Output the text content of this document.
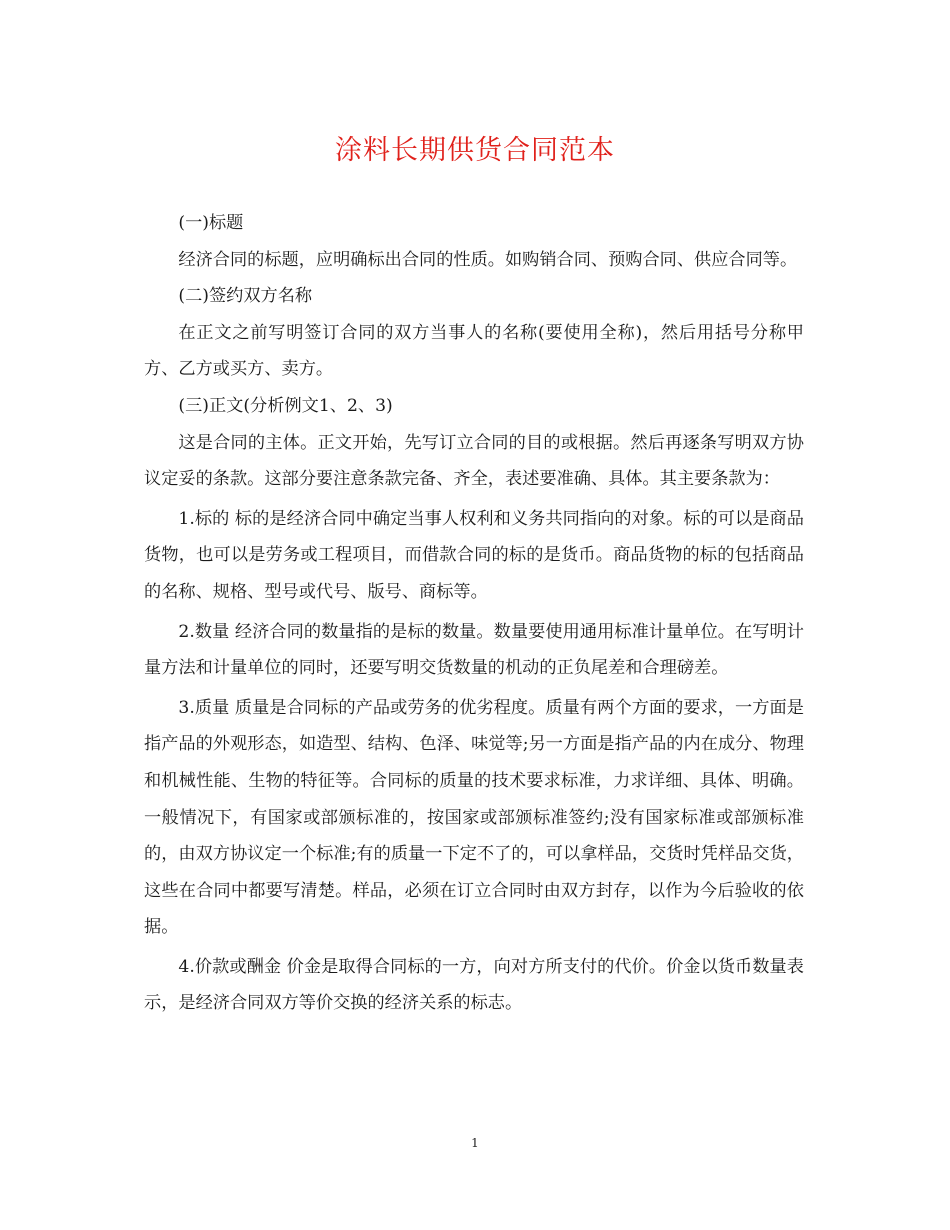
涂料长期供货合同范本

(一)标题

经济合同的标题，应明确标出合同的性质。如购销合同、预购合同、供应合同等。

(二)签约双方名称

在正文之前写明签订合同的双方当事人的名称(要使用全称)，然后用括号分称甲方、乙方或买方、卖方。

(三)正文(分析例文1、2、3)

这是合同的主体。正文开始，先写订立合同的目的或根据。然后再逐条写明双方协议定妥的条款。这部分要注意条款完备、齐全，表述要准确、具体。其主要条款为：

1.标的 标的是经济合同中确定当事人权利和义务共同指向的对象。标的可以是商品货物，也可以是劳务或工程项目，而借款合同的标的是货币。商品货物的标的包括商品的名称、规格、型号或代号、版号、商标等。

2.数量 经济合同的数量指的是标的数量。数量要使用通用标准计量单位。在写明计量方法和计量单位的同时，还要写明交货数量的机动的正负尾差和合理磅差。

3.质量 质量是合同标的产品或劳务的优劣程度。质量有两个方面的要求，一方面是指产品的外观形态，如造型、结构、色泽、味觉等;另一方面是指产品的内在成分、物理和机械性能、生物的特征等。合同标的质量的技术要求标准，力求详细、具体、明确。一般情况下，有国家或部颁标准的，按国家或部颁标准签约;没有国家标准或部颁标准的，由双方协议定一个标准;有的质量一下定不了的，可以拿样品，交货时凭样品交货，这些在合同中都要写清楚。样品，必须在订立合同时由双方封存，以作为今后验收的依据。

4.价款或酬金 价金是取得合同标的一方，向对方所支付的代价。价金以货币数量表示，是经济合同双方等价交换的经济关系的标志。

1
